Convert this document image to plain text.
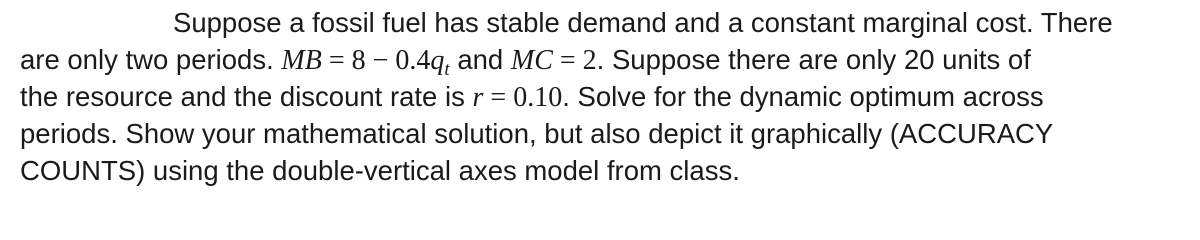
Suppose a fossil fuel has stable demand and a constant marginal cost. There
are only two periods. MB = $8 - 0.4q_t$ and MC = 2. Suppose there are only 20 units of
the resource and the discount rate is r = 0.10. Solve for the dynamic optimum across
periods. Show your mathematical solution, but also depict it graphically (ACCURACY
COUNTS) using the double-vertical axes model from class.
